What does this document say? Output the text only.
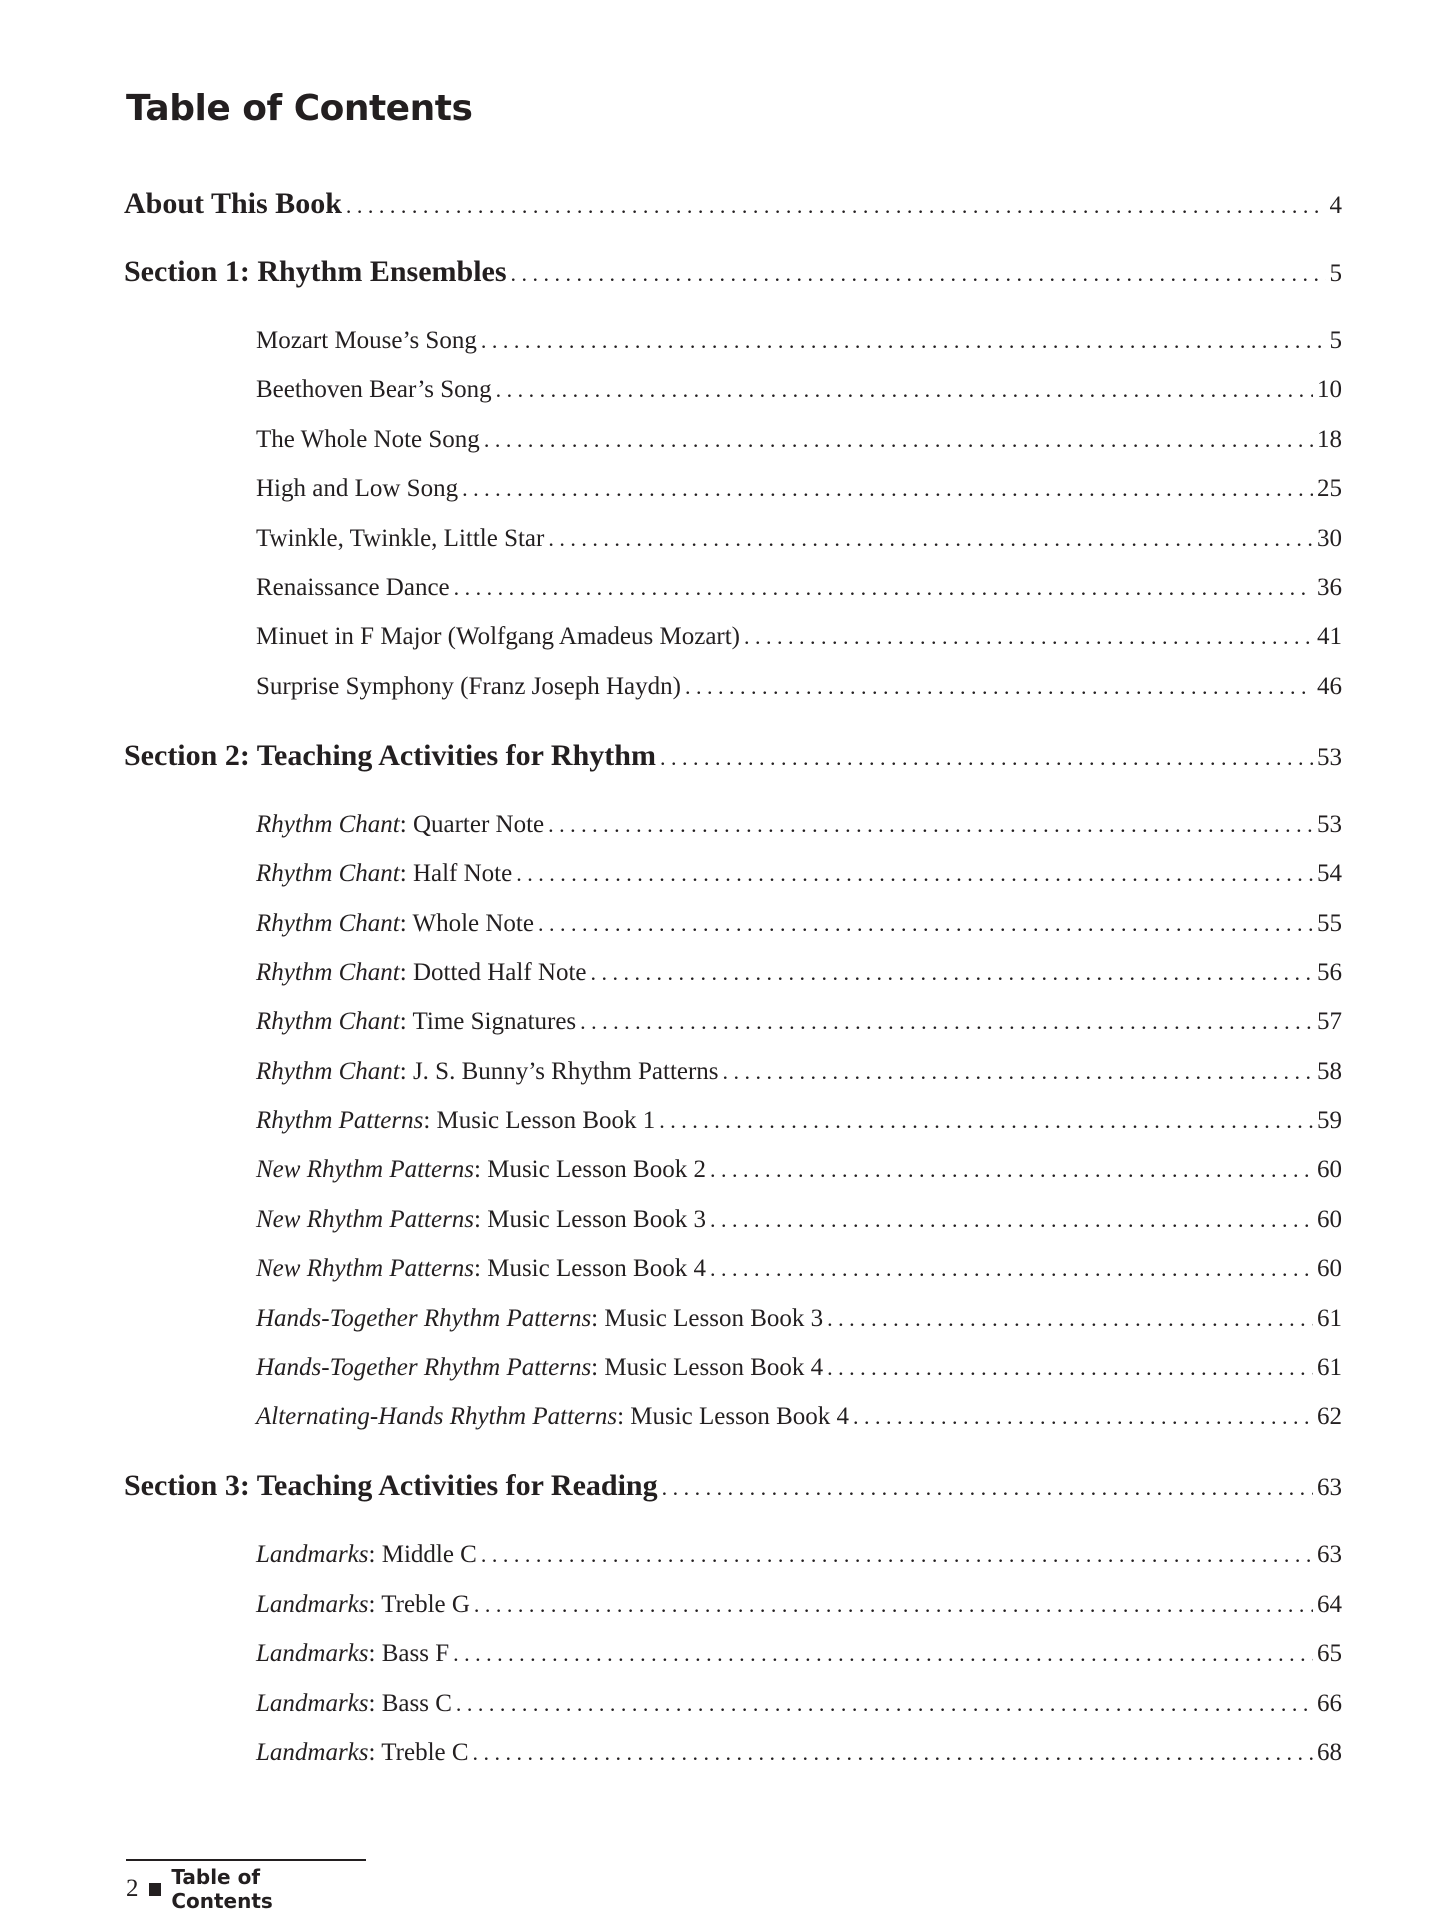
Table of Contents
About This Book . . .	4
Section 1: Rhythm Ensembles . . .	5
Mozart Mouse’s Song . . .	5
Beethoven Bear’s Song . . .	10
The Whole Note Song . . .	18
High and Low Song . . .	25
Twinkle, Twinkle, Little Star . . .	30
Renaissance Dance . . .	36
Minuet in F Major (Wolfgang Amadeus Mozart) . . .	41
Surprise Symphony (Franz Joseph Haydn) . . .	46
Section 2: Teaching Activities for Rhythm . . .	53
Rhythm Chant: Quarter Note . . .	53
Rhythm Chant: Half Note . . .	54
Rhythm Chant: Whole Note . . .	55
Rhythm Chant: Dotted Half Note . . .	56
Rhythm Chant: Time Signatures . . .	57
Rhythm Chant: J. S. Bunny’s Rhythm Patterns . . .	58
Rhythm Patterns: Music Lesson Book 1 . . .	59
New Rhythm Patterns: Music Lesson Book 2 . . .	60
New Rhythm Patterns: Music Lesson Book 3 . . .	60
New Rhythm Patterns: Music Lesson Book 4 . . .	60
Hands-Together Rhythm Patterns: Music Lesson Book 3 . . .	61
Hands-Together Rhythm Patterns: Music Lesson Book 4 . . .	61
Alternating-Hands Rhythm Patterns: Music Lesson Book 4 . . .	62
Section 3: Teaching Activities for Reading . . .	63
Landmarks: Middle C . . .	63
Landmarks: Treble G . . .	64
Landmarks: Bass F . . .	65
Landmarks: Bass C . . .	66
Landmarks: Treble C . . .	68
2 Table of Contents
